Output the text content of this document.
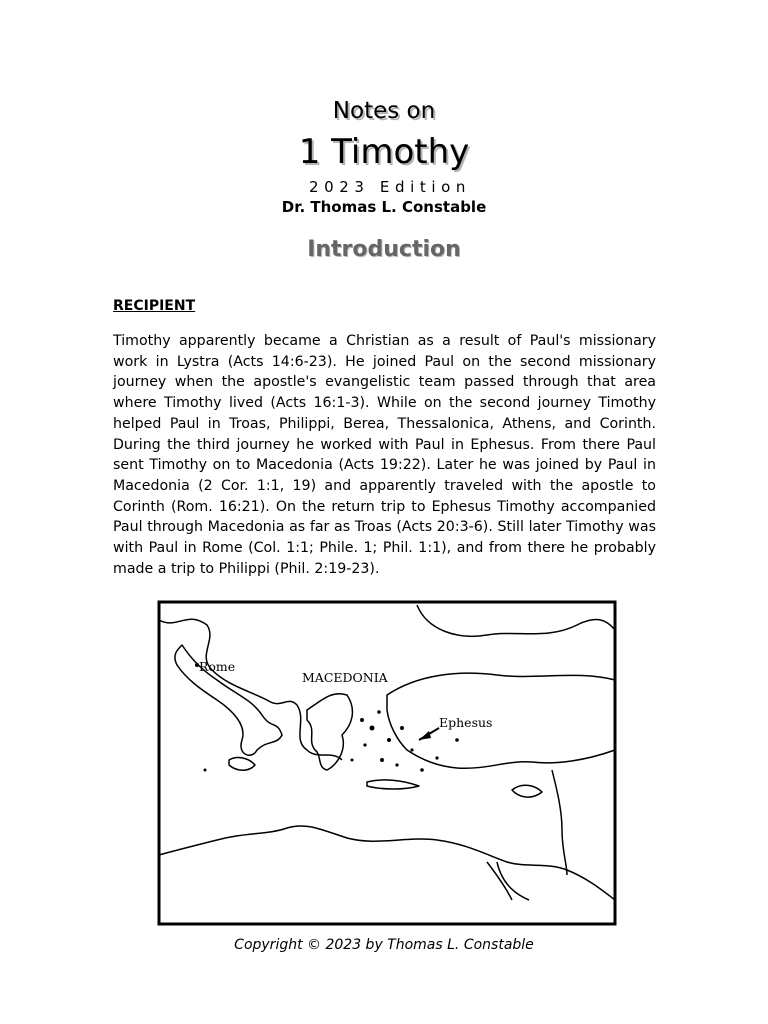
Notes on
1 Timothy
2023 Edition
Dr. Thomas L. Constable
Introduction
RECIPIENT

Timothy apparently became a Christian as a result of Paul's missionary work in Lystra (Acts 14:6-23). He joined Paul on the second missionary journey when the apostle's evangelistic team passed through that area where Timothy lived (Acts 16:1-3). While on the second journey Timothy helped Paul in Troas, Philippi, Berea, Thessalonica, Athens, and Corinth. During the third journey he worked with Paul in Ephesus. From there Paul sent Timothy on to Macedonia (Acts 19:22). Later he was joined by Paul in Macedonia (2 Cor. 1:1, 19) and apparently traveled with the apostle to Corinth (Rom. 16:21). On the return trip to Ephesus Timothy accompanied Paul through Macedonia as far as Troas (Acts 20:3-6). Still later Timothy was with Paul in Rome (Col. 1:1; Phile. 1; Phil. 1:1), and from there he probably made a trip to Philippi (Phil. 2:19-23).

Rome
MACEDONIA
Ephesus
Copyright © 2023 by Thomas L. Constable
